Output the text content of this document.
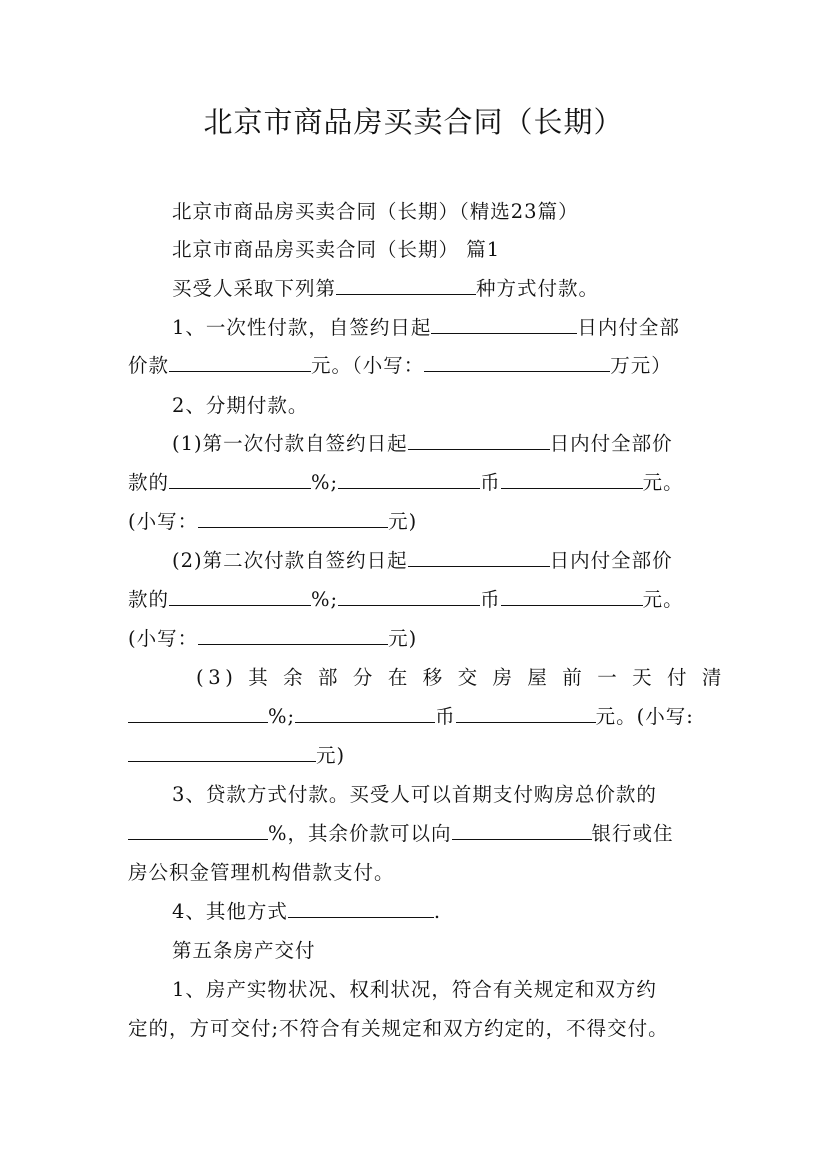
北京市商品房买卖合同（长期）
北京市商品房买卖合同（长期）（精选23篇）
北京市商品房买卖合同（长期） 篇1
买受人采取下列第	种方式付款。
1、一次性付款，自签约日起	日内付全部
价款	元。（小写：	万元）
2、分期付款。
(1)第一次付款自签约日起	日内付全部价
款的	%;	币	元。
(小写：	元)
(2)第二次付款自签约日起	日内付全部价
款的	%;	币	元。
(小写：	元)
(3) 其 余 部 分 在 移 交 房 屋 前 一 天 付 清
%;	币	元。(小写:
元)
3、贷款方式付款。买受人可以首期支付购房总价款的
%，其余价款可以向	银行或住
房公积金管理机构借款支付。
4、其他方式	.
第五条房产交付
1、房产实物状况、权利状况，符合有关规定和双方约
定的，方可交付;不符合有关规定和双方约定的，不得交付。
